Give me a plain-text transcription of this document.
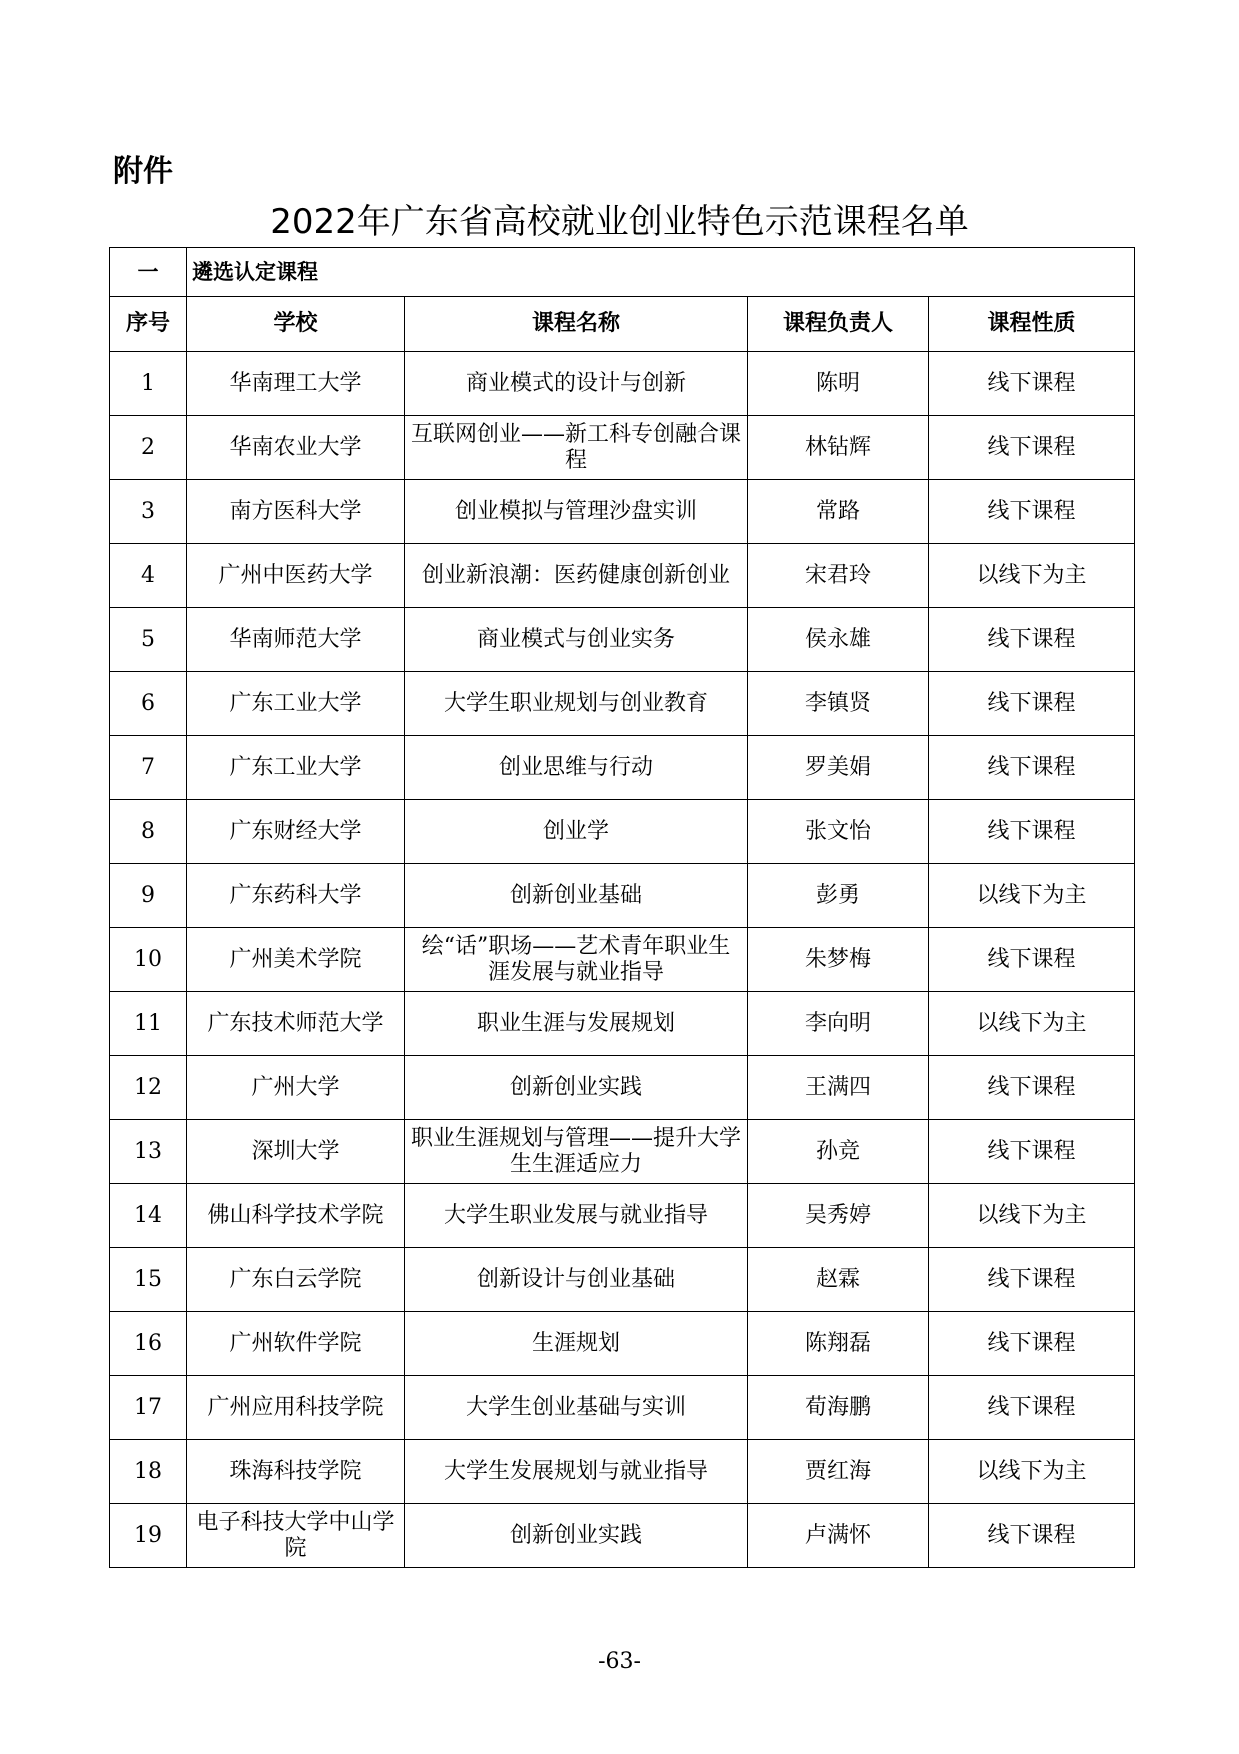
附件
2022年广东省高校就业创业特色示范课程名单
一	遴选认定课程			
序号	学校	课程名称	课程负责人	课程性质
1	华南理工大学	商业模式的设计与创新	陈明	线下课程
2	华南农业大学	互联网创业——新工科专创融合课程	林钻辉	线下课程
3	南方医科大学	创业模拟与管理沙盘实训	常路	线下课程
4	广州中医药大学	创业新浪潮：医药健康创新创业	宋君玲	以线下为主
5	华南师范大学	商业模式与创业实务	侯永雄	线下课程
6	广东工业大学	大学生职业规划与创业教育	李镇贤	线下课程
7	广东工业大学	创业思维与行动	罗美娟	线下课程
8	广东财经大学	创业学	张文怡	线下课程
9	广东药科大学	创新创业基础	彭勇	以线下为主
10	广州美术学院	绘“话”职场——艺术青年职业生涯发展与就业指导	朱梦梅	线下课程
11	广东技术师范大学	职业生涯与发展规划	李向明	以线下为主
12	广州大学	创新创业实践	王满四	线下课程
13	深圳大学	职业生涯规划与管理——提升大学生生涯适应力	孙竞	线下课程
14	佛山科学技术学院	大学生职业发展与就业指导	吴秀婷	以线下为主
15	广东白云学院	创新设计与创业基础	赵霖	线下课程
16	广州软件学院	生涯规划	陈翔磊	线下课程
17	广州应用科技学院	大学生创业基础与实训	荀海鹏	线下课程
18	珠海科技学院	大学生发展规划与就业指导	贾红海	以线下为主
19	电子科技大学中山学院	创新创业实践	卢满怀	线下课程
-63-
